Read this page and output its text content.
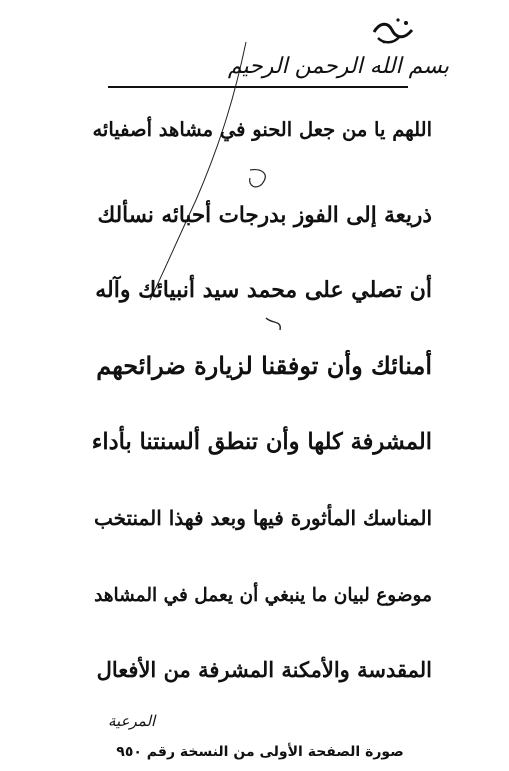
بسم الله الرحمن الرحيم
اللهم يا من جعل الحنو في مشاهد أصفيائه
ذريعة إلى الفوز بدرجات أحبائه نسألك
أن تصلي على محمد سيد أنبيائك وآله
أمنائك وأن توفقنا لزيارة ضرائحهم
المشرفة كلها وأن تنطق ألسنتنا بأداء
المناسك المأثورة فيها وبعد فهذا المنتخب
موضوع لبيان ما ينبغي أن يعمل في المشاهد
المقدسة والأمكنة المشرفة من الأفعال
المرعية
صورة الصفحة الأولى من النسخة رقم ٩٥٠
